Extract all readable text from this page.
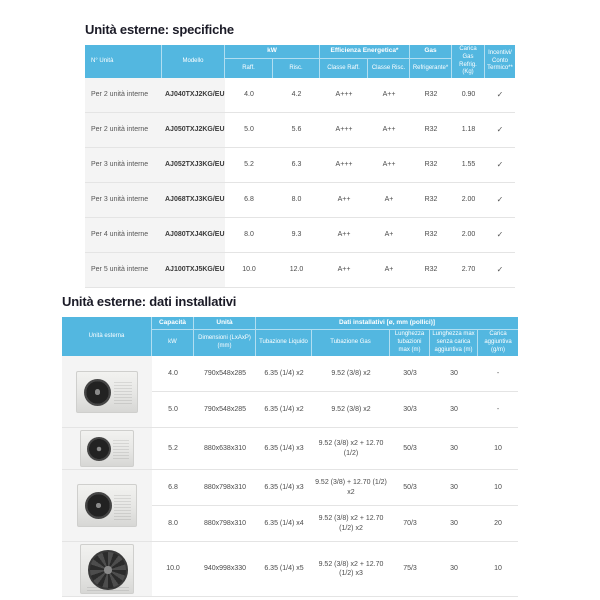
Unità esterne: specifiche
N° Unità	Modello	kW		Efficienza Energetica*		Gas	Carica Gas Refrig. (Kg)	Incentivi/ Conto Termico**
		Raff.	Risc.	Classe Raff.	Classe Risc.	Refrigerante*		
Per 2 unità interne	AJ040TXJ2KG/EU	4.0	4.2	A+++	A++	R32	0.90	✓
Per 2 unità interne	AJ050TXJ2KG/EU	5.0	5.6	A+++	A++	R32	1.18	✓
Per 3 unità interne	AJ052TXJ3KG/EU	5.2	6.3	A+++	A++	R32	1.55	✓
Per 3 unità interne	AJ068TXJ3KG/EU	6.8	8.0	A++	A+	R32	2.00	✓
Per 4 unità interne	AJ080TXJ4KG/EU	8.0	9.3	A++	A+	R32	2.00	✓
Per 5 unità interne	AJ100TXJ5KG/EU	10.0	12.0	A++	A+	R32	2.70	✓
Unità esterne: dati installativi
Unità esterna	Capacità	Unità	Dati installativi [ø, mm (pollici)]				
	kW	Dimensioni (LxAxP) (mm)	Tubazione Liquido	Tubazione Gas	Lunghezza tubazioni max (m)	Lunghezza max senza carica aggiuntiva (m)	Carica aggiuntiva (g/m)

	4.0	790x548x285	6.35 (1/4) x2	9.52 (3/8) x2	30/3	30	-
	5.0	790x548x285	6.35 (1/4) x2	9.52 (3/8) x2	30/3	30	-

	5.2	880x638x310	6.35 (1/4) x3	9.52 (3/8) x2 + 12.70 (1/2)	50/3	30	10

	6.8	880x798x310	6.35 (1/4) x3	9.52 (3/8) + 12.70 (1/2) x2	50/3	30	10
	8.0	880x798x310	6.35 (1/4) x4	9.52 (3/8) x2 + 12.70 (1/2) x2	70/3	30	20

	10.0	940x998x330	6.35 (1/4) x5	9.52 (3/8) x2 + 12.70 (1/2) x3	75/3	30	10
